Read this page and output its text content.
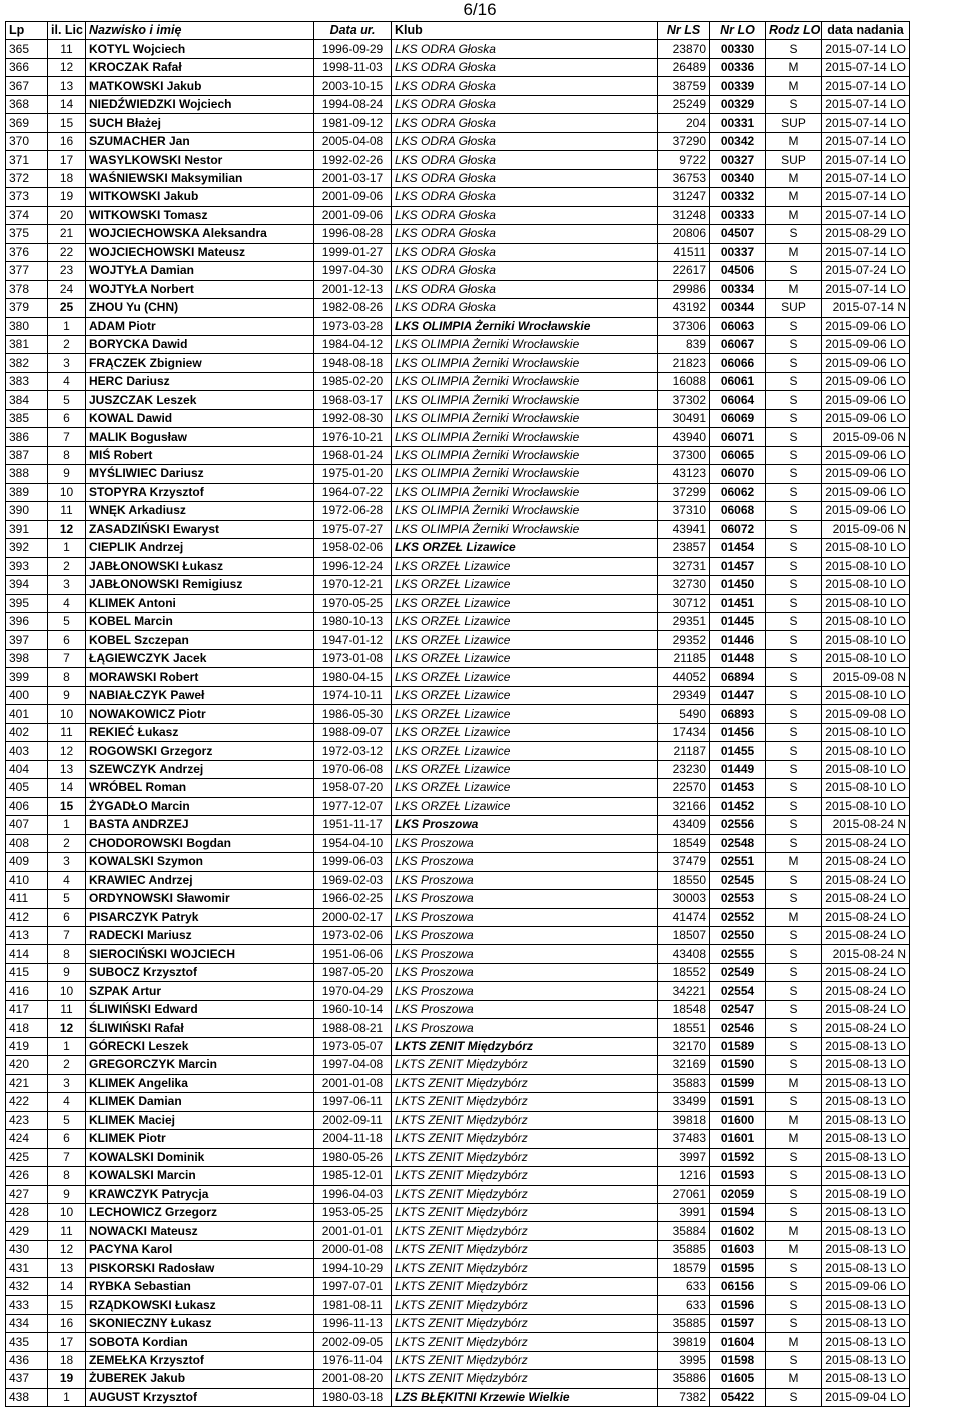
6/16
Lp	il. Lic	Nazwisko i imię	Data ur.	Klub	Nr LS	Nr LO	Rodz LO	data nadania
365	11	KOTYL Wojciech	1996-09-29	LKS ODRA Głoska	23870	00330	S	2015-07-14 LO
366	12	KROCZAK Rafał	1998-11-03	LKS ODRA Głoska	26489	00336	M	2015-07-14 LO
367	13	MATKOWSKI Jakub	2003-10-15	LKS ODRA Głoska	38759	00339	M	2015-07-14 LO
368	14	NIEDŹWIEDZKI Wojciech	1994-08-24	LKS ODRA Głoska	25249	00329	S	2015-07-14 LO
369	15	SUCH Błażej	1981-09-12	LKS ODRA Głoska	204	00331	SUP	2015-07-14 LO
370	16	SZUMACHER Jan	2005-04-08	LKS ODRA Głoska	37290	00342	M	2015-07-14 LO
371	17	WASYLKOWSKI Nestor	1992-02-26	LKS ODRA Głoska	9722	00327	SUP	2015-07-14 LO
372	18	WAŚNIEWSKI Maksymilian	2001-03-17	LKS ODRA Głoska	36753	00340	M	2015-07-14 LO
373	19	WITKOWSKI Jakub	2001-09-06	LKS ODRA Głoska	31247	00332	M	2015-07-14 LO
374	20	WITKOWSKI Tomasz	2001-09-06	LKS ODRA Głoska	31248	00333	M	2015-07-14 LO
375	21	WOJCIECHOWSKA Aleksandra	1996-08-28	LKS ODRA Głoska	20806	04507	S	2015-08-29 LO
376	22	WOJCIECHOWSKI Mateusz	1999-01-27	LKS ODRA Głoska	41511	00337	M	2015-07-14 LO
377	23	WOJTYŁA Damian	1997-04-30	LKS ODRA Głoska	22617	04506	S	2015-07-24 LO
378	24	WOJTYŁA Norbert	2001-12-13	LKS ODRA Głoska	29986	00334	M	2015-07-14 LO
379	25	ZHOU Yu (CHN)	1982-08-26	LKS ODRA Głoska	43192	00344	SUP	2015-07-14 N
380	1	ADAM Piotr	1973-03-28	LKS OLIMPIA Żerniki Wrocławskie	37306	06063	S	2015-09-06 LO
381	2	BORYCKA Dawid	1984-04-12	LKS OLIMPIA Żerniki Wrocławskie	839	06067	S	2015-09-06 LO
382	3	FRĄCZEK Zbigniew	1948-08-18	LKS OLIMPIA Żerniki Wrocławskie	21823	06066	S	2015-09-06 LO
383	4	HERC Dariusz	1985-02-20	LKS OLIMPIA Żerniki Wrocławskie	16088	06061	S	2015-09-06 LO
384	5	JUSZCZAK Leszek	1968-03-17	LKS OLIMPIA Żerniki Wrocławskie	37302	06064	S	2015-09-06 LO
385	6	KOWAL Dawid	1992-08-30	LKS OLIMPIA Żerniki Wrocławskie	30491	06069	S	2015-09-06 LO
386	7	MALIK Bogusław	1976-10-21	LKS OLIMPIA Żerniki Wrocławskie	43940	06071	S	2015-09-06 N
387	8	MIŚ Robert	1968-01-24	LKS OLIMPIA Żerniki Wrocławskie	37300	06065	S	2015-09-06 LO
388	9	MYŚLIWIEC Dariusz	1975-01-20	LKS OLIMPIA Żerniki Wrocławskie	43123	06070	S	2015-09-06 LO
389	10	STOPYRA Krzysztof	1964-07-22	LKS OLIMPIA Żerniki Wrocławskie	37299	06062	S	2015-09-06 LO
390	11	WNĘK Arkadiusz	1972-06-28	LKS OLIMPIA Żerniki Wrocławskie	37310	06068	S	2015-09-06 LO
391	12	ZASADZIŃSKI Ewaryst	1975-07-27	LKS OLIMPIA Żerniki Wrocławskie	43941	06072	S	2015-09-06 N
392	1	CIEPLIK Andrzej	1958-02-06	LKS ORZEŁ Lizawice	23857	01454	S	2015-08-10 LO
393	2	JABŁONOWSKI Łukasz	1996-12-24	LKS ORZEŁ Lizawice	32731	01457	S	2015-08-10 LO
394	3	JABŁONOWSKI Remigiusz	1970-12-21	LKS ORZEŁ Lizawice	32730	01450	S	2015-08-10 LO
395	4	KLIMEK Antoni	1970-05-25	LKS ORZEŁ Lizawice	30712	01451	S	2015-08-10 LO
396	5	KOBEL Marcin	1980-10-13	LKS ORZEŁ Lizawice	29351	01445	S	2015-08-10 LO
397	6	KOBEL Szczepan	1947-01-12	LKS ORZEŁ Lizawice	29352	01446	S	2015-08-10 LO
398	7	ŁĄGIEWCZYK Jacek	1973-01-08	LKS ORZEŁ Lizawice	21185	01448	S	2015-08-10 LO
399	8	MORAWSKI Robert	1980-04-15	LKS ORZEŁ Lizawice	44052	06894	S	2015-09-08 N
400	9	NABIAŁCZYK Paweł	1974-10-11	LKS ORZEŁ Lizawice	29349	01447	S	2015-08-10 LO
401	10	NOWAKOWICZ Piotr	1986-05-30	LKS ORZEŁ Lizawice	5490	06893	S	2015-09-08 LO
402	11	REKIEĆ Łukasz	1988-09-07	LKS ORZEŁ Lizawice	17434	01456	S	2015-08-10 LO
403	12	ROGOWSKI Grzegorz	1972-03-12	LKS ORZEŁ Lizawice	21187	01455	S	2015-08-10 LO
404	13	SZEWCZYK Andrzej	1970-06-08	LKS ORZEŁ Lizawice	23230	01449	S	2015-08-10 LO
405	14	WRÓBEL Roman	1958-07-20	LKS ORZEŁ Lizawice	22570	01453	S	2015-08-10 LO
406	15	ŻYGADŁO Marcin	1977-12-07	LKS ORZEŁ Lizawice	32166	01452	S	2015-08-10 LO
407	1	BASTA ANDRZEJ	1951-11-17	LKS Proszowa	43409	02556	S	2015-08-24 N
408	2	CHODOROWSKI Bogdan	1954-04-10	LKS Proszowa	18549	02548	S	2015-08-24 LO
409	3	KOWALSKI Szymon	1999-06-03	LKS Proszowa	37479	02551	M	2015-08-24 LO
410	4	KRAWIEC Andrzej	1969-02-03	LKS Proszowa	18550	02545	S	2015-08-24 LO
411	5	ORDYNOWSKI Sławomir	1966-02-25	LKS Proszowa	30003	02553	S	2015-08-24 LO
412	6	PISARCZYK Patryk	2000-02-17	LKS Proszowa	41474	02552	M	2015-08-24 LO
413	7	RADECKI Mariusz	1973-02-06	LKS Proszowa	18507	02550	S	2015-08-24 LO
414	8	SIEROCIŃSKI WOJCIECH	1951-06-06	LKS Proszowa	43408	02555	S	2015-08-24 N
415	9	SUBOCZ Krzysztof	1987-05-20	LKS Proszowa	18552	02549	S	2015-08-24 LO
416	10	SZPAK Artur	1970-04-29	LKS Proszowa	34221	02554	S	2015-08-24 LO
417	11	ŚLIWIŃSKI Edward	1960-10-14	LKS Proszowa	18548	02547	S	2015-08-24 LO
418	12	ŚLIWIŃSKI Rafał	1988-08-21	LKS Proszowa	18551	02546	S	2015-08-24 LO
419	1	GÓRECKI Leszek	1973-05-07	LKTS ZENIT Międzybórz	32170	01589	S	2015-08-13 LO
420	2	GREGORCZYK Marcin	1997-04-08	LKTS ZENIT Międzybórz	32169	01590	S	2015-08-13 LO
421	3	KLIMEK Angelika	2001-01-08	LKTS ZENIT Międzybórz	35883	01599	M	2015-08-13 LO
422	4	KLIMEK Damian	1997-06-11	LKTS ZENIT Międzybórz	33499	01591	S	2015-08-13 LO
423	5	KLIMEK Maciej	2002-09-11	LKTS ZENIT Międzybórz	39818	01600	M	2015-08-13 LO
424	6	KLIMEK Piotr	2004-11-18	LKTS ZENIT Międzybórz	37483	01601	M	2015-08-13 LO
425	7	KOWALSKI Dominik	1980-05-26	LKTS ZENIT Międzybórz	3997	01592	S	2015-08-13 LO
426	8	KOWALSKI Marcin	1985-12-01	LKTS ZENIT Międzybórz	1216	01593	S	2015-08-13 LO
427	9	KRAWCZYK Patrycja	1996-04-03	LKTS ZENIT Międzybórz	27061	02059	S	2015-08-19 LO
428	10	LECHOWICZ Grzegorz	1953-05-25	LKTS ZENIT Międzybórz	3991	01594	S	2015-08-13 LO
429	11	NOWACKI Mateusz	2001-01-01	LKTS ZENIT Międzybórz	35884	01602	M	2015-08-13 LO
430	12	PACYNA Karol	2000-01-08	LKTS ZENIT Międzybórz	35885	01603	M	2015-08-13 LO
431	13	PISKORSKI Radosław	1994-10-29	LKTS ZENIT Międzybórz	18579	01595	S	2015-08-13 LO
432	14	RYBKA Sebastian	1997-07-01	LKTS ZENIT Międzybórz	633	06156	S	2015-09-06 LO
433	15	RZĄDKOWSKI Łukasz	1981-08-11	LKTS ZENIT Międzybórz	633	01596	S	2015-08-13 LO
434	16	SKONIECZNY Łukasz	1996-11-13	LKTS ZENIT Międzybórz	35885	01597	S	2015-08-13 LO
435	17	SOBOTA Kordian	2002-09-05	LKTS ZENIT Międzybórz	39819	01604	M	2015-08-13 LO
436	18	ZEMEŁKA Krzysztof	1976-11-04	LKTS ZENIT Międzybórz	3995	01598	S	2015-08-13 LO
437	19	ŻUBEREK Jakub	2001-08-20	LKTS ZENIT Międzybórz	35886	01605	M	2015-08-13 LO
438	1	AUGUST Krzysztof	1980-03-18	LZS BŁĘKITNI Krzewie Wielkie	7382	05422	S	2015-09-04 LO
